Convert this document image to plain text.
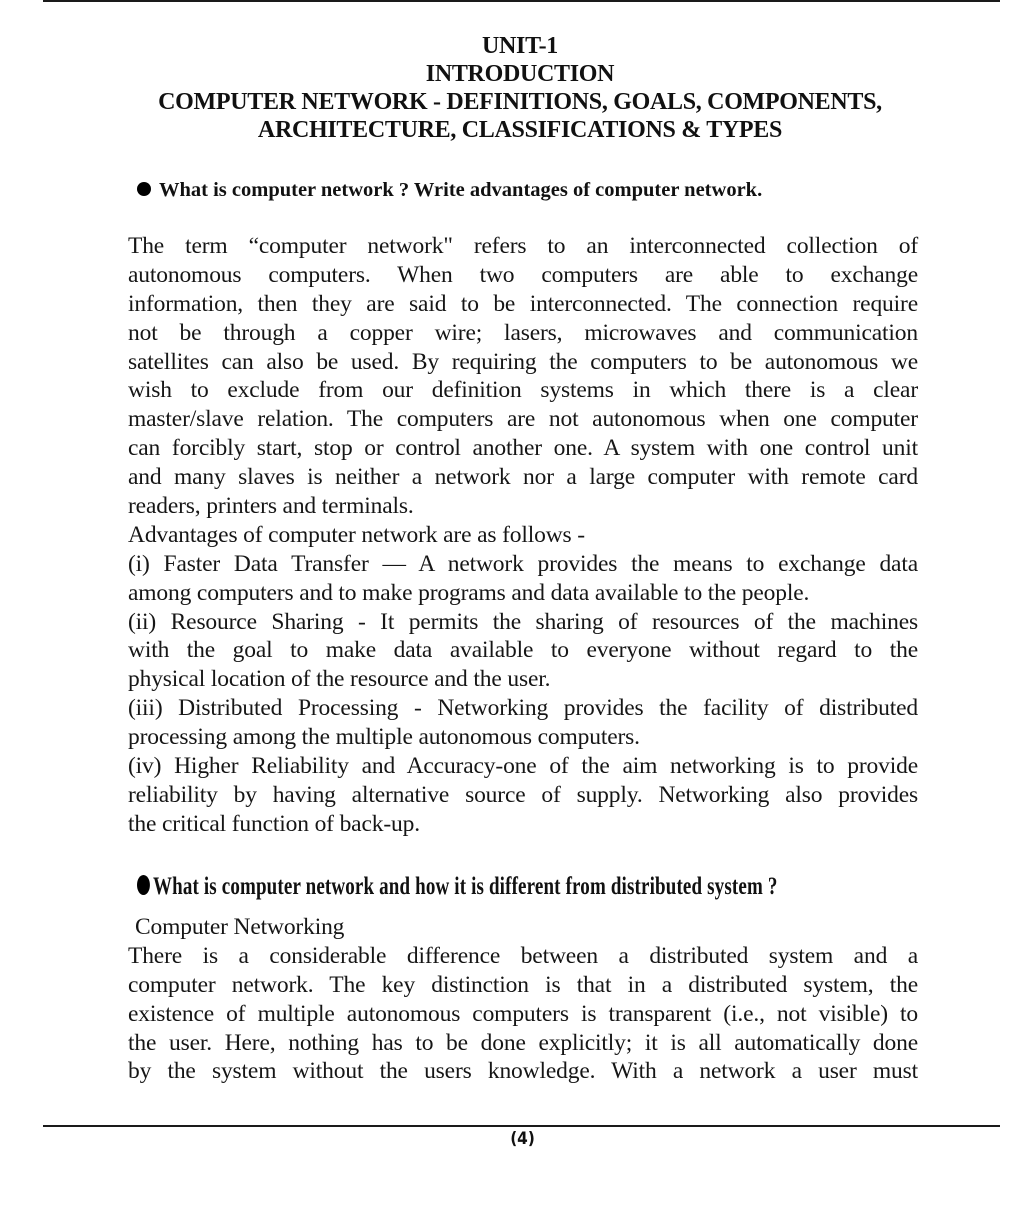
UNIT-1
INTRODUCTION
COMPUTER NETWORK - DEFINITIONS, GOALS, COMPONENTS,
ARCHITECTURE, CLASSIFICATIONS & TYPES
What is computer network ? Write advantages of computer network.
The term “computer network" refers to an interconnected collection of
autonomous computers. When two computers are able to exchange
information, then they are said to be interconnected. The connection require
not be through a copper wire; lasers, microwaves and communication
satellites can also be used. By requiring the computers to be autonomous we
wish to exclude from our definition systems in which there is a clear
master/slave relation. The computers are not autonomous when one computer
can forcibly start, stop or control another one. A system with one control unit
and many slaves is neither a network nor a large computer with remote card
readers, printers and terminals.
Advantages of computer network are as follows -
(i) Faster Data Transfer — A network provides the means to exchange data
among computers and to make programs and data available to the people.
(ii) Resource Sharing - It permits the sharing of resources of the machines
with the goal to make data available to everyone without regard to the
physical location of the resource and the user.
(iii) Distributed Processing - Networking provides the facility of distributed
processing among the multiple autonomous computers.
(iv) Higher Reliability and Accuracy-one of the aim networking is to provide
reliability by having alternative source of supply. Networking also provides
the critical function of back-up.
What is computer network and how it is different from distributed system ?
Computer Networking
There is a considerable difference between a distributed system and a
computer network. The key distinction is that in a distributed system, the
existence of multiple autonomous computers is transparent (i.e., not visible) to
the user. Here, nothing has to be done explicitly; it is all automatically done
by the system without the users knowledge. With a network a user must
(4)
